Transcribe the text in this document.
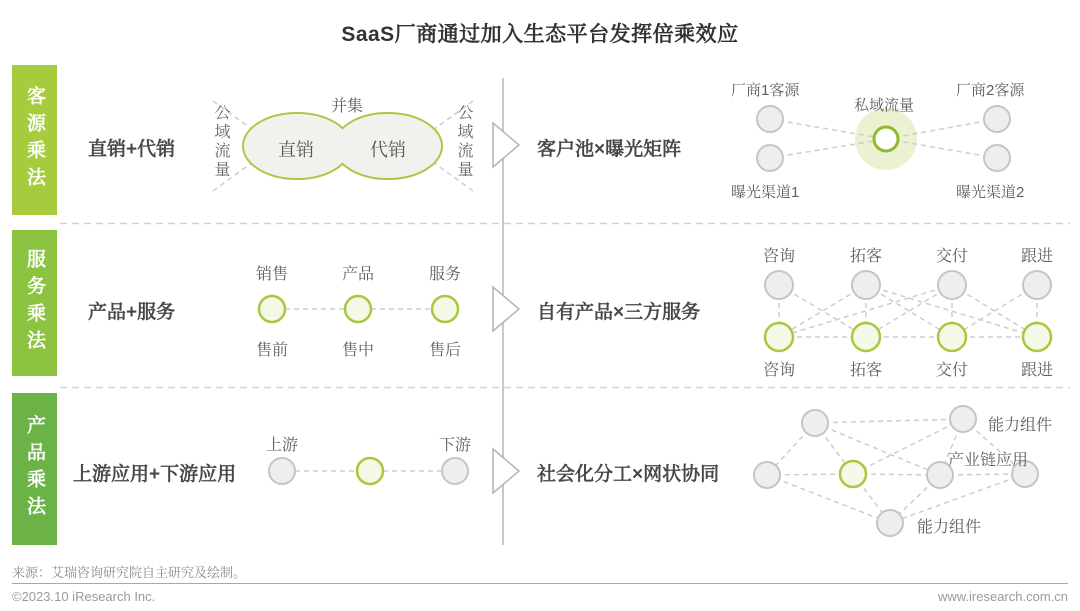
SaaS厂商通过加入生态平台发挥倍乘效应
客源乘法
服务乘法
产品乘法
直销+代销 公域流量	公域流量
并集
直销	代销	客户池×曝光矩阵
厂商1客源
私域流量
厂商2客源
曝光渠道1	曝光渠道2
产品+服务
销售	产品	服务
售前	售中	售后
自有产品×三方服务
咨询	拓客	交付	跟进
咨询	拓客	交付	跟进
上游应用+下游应用
上游	下游
社会化分工×网状协同
能力组件
产业链应用
能力组件
来源：艾瑞咨询研究院自主研究及绘制。
©2023.10 iResearch Inc.	www.iresearch.com.cn
